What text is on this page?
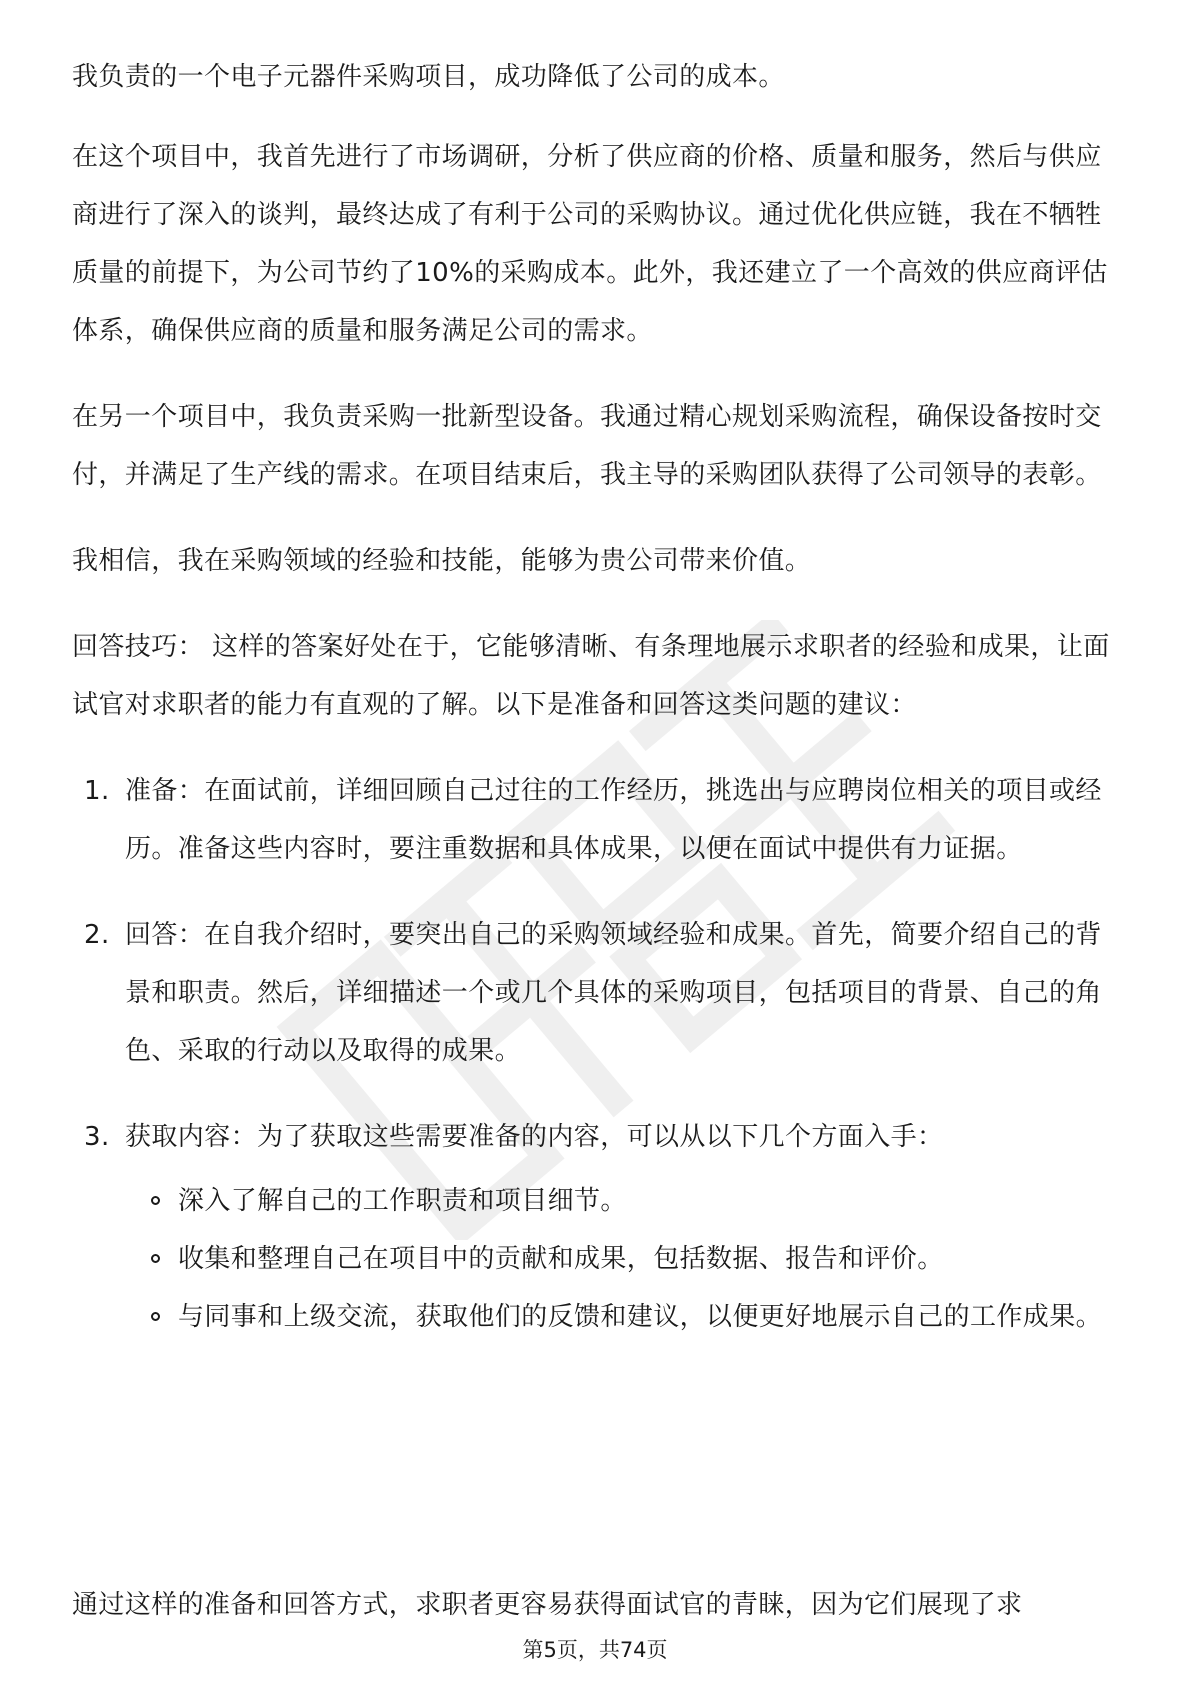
我负责的一个电子元器件采购项目，成功降低了公司的成本。

在这个项目中，我首先进行了市场调研，分析了供应商的价格、质量和服务，然后与供应商进行了深入的谈判，最终达成了有利于公司的采购协议。通过优化供应链，我在不牺牲质量的前提下，为公司节约了10%的采购成本。此外，我还建立了一个高效的供应商评估体系，确保供应商的质量和服务满足公司的需求。

在另一个项目中，我负责采购一批新型设备。我通过精心规划采购流程，确保设备按时交付，并满足了生产线的需求。在项目结束后，我主导的采购团队获得了公司领导的表彰。

我相信，我在采购领域的经验和技能，能够为贵公司带来价值。

回答技巧： 这样的答案好处在于，它能够清晰、有条理地展示求职者的经验和成果，让面试官对求职者的能力有直观的了解。以下是准备和回答这类问题的建议：

1. 准备：在面试前，详细回顾自己过往的工作经历，挑选出与应聘岗位相关的项目或经历。准备这些内容时，要注重数据和具体成果，以便在面试中提供有力证据。
2. 回答：在自我介绍时，要突出自己的采购领域经验和成果。首先，简要介绍自己的背景和职责。然后，详细描述一个或几个具体的采购项目，包括项目的背景、自己的角色、采取的行动以及取得的成果。
3. 获取内容：为了获取这些需要准备的内容，可以从以下几个方面入手：
深入了解自己的工作职责和项目细节。
收集和整理自己在项目中的贡献和成果，包括数据、报告和评价。
与同事和上级交流，获取他们的反馈和建议，以便更好地展示自己的工作成果。
通过这样的准备和回答方式，求职者更容易获得面试官的青睐，因为它们展现了求
第5页，共74页
